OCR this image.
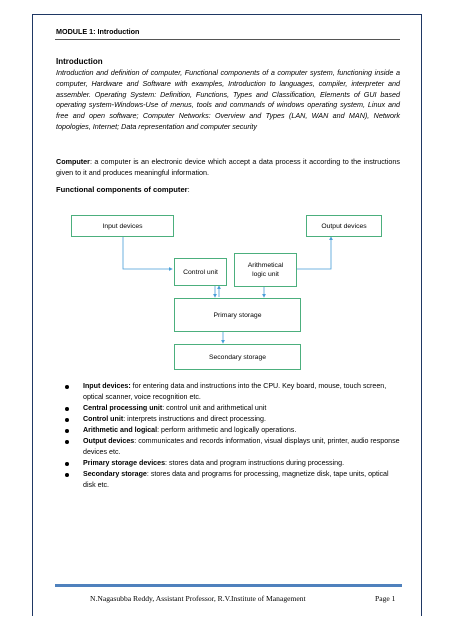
MODULE 1: Introduction
Introduction
Introduction and definition of computer, Functional components of a computer system, functioning inside a computer, Hardware and Software with examples, Introduction to languages, compiler, interpreter and assembler. Operating System: Definition, Functions, Types and Classification, Elements of GUI based operating system-Windows-Use of menus, tools and commands of windows operating system, Linux and free and open software; Computer Networks: Overview and Types (LAN, WAN and MAN), Network topologies, Internet; Data representation and computer security
Computer: a computer is an electronic device which accept a data process it according to the instructions given to it and produces meaningful information.
Functional components of computer:
Input devices	Output devices
Control unit
Arithmetical
logic unit
Primary storage
Secondary storage
Input devices: for entering data and instructions into the CPU. Key board, mouse, touch screen, optical scanner, voice recognition etc.
Central processing unit: control unit and arithmetical unit
Control unit: interprets instructions and direct processing.
Arithmetic and logical: perform arithmetic and logically operations.
Output devices: communicates and records information, visual displays unit, printer, audio response devices etc.
Primary storage devices: stores data and program instructions during processing.
Secondary storage: stores data and programs for processing, magnetize disk, tape units, optical disk etc.
N.Nagasubba Reddy, Assistant Professor, R.V.Institute of Management	Page 1
